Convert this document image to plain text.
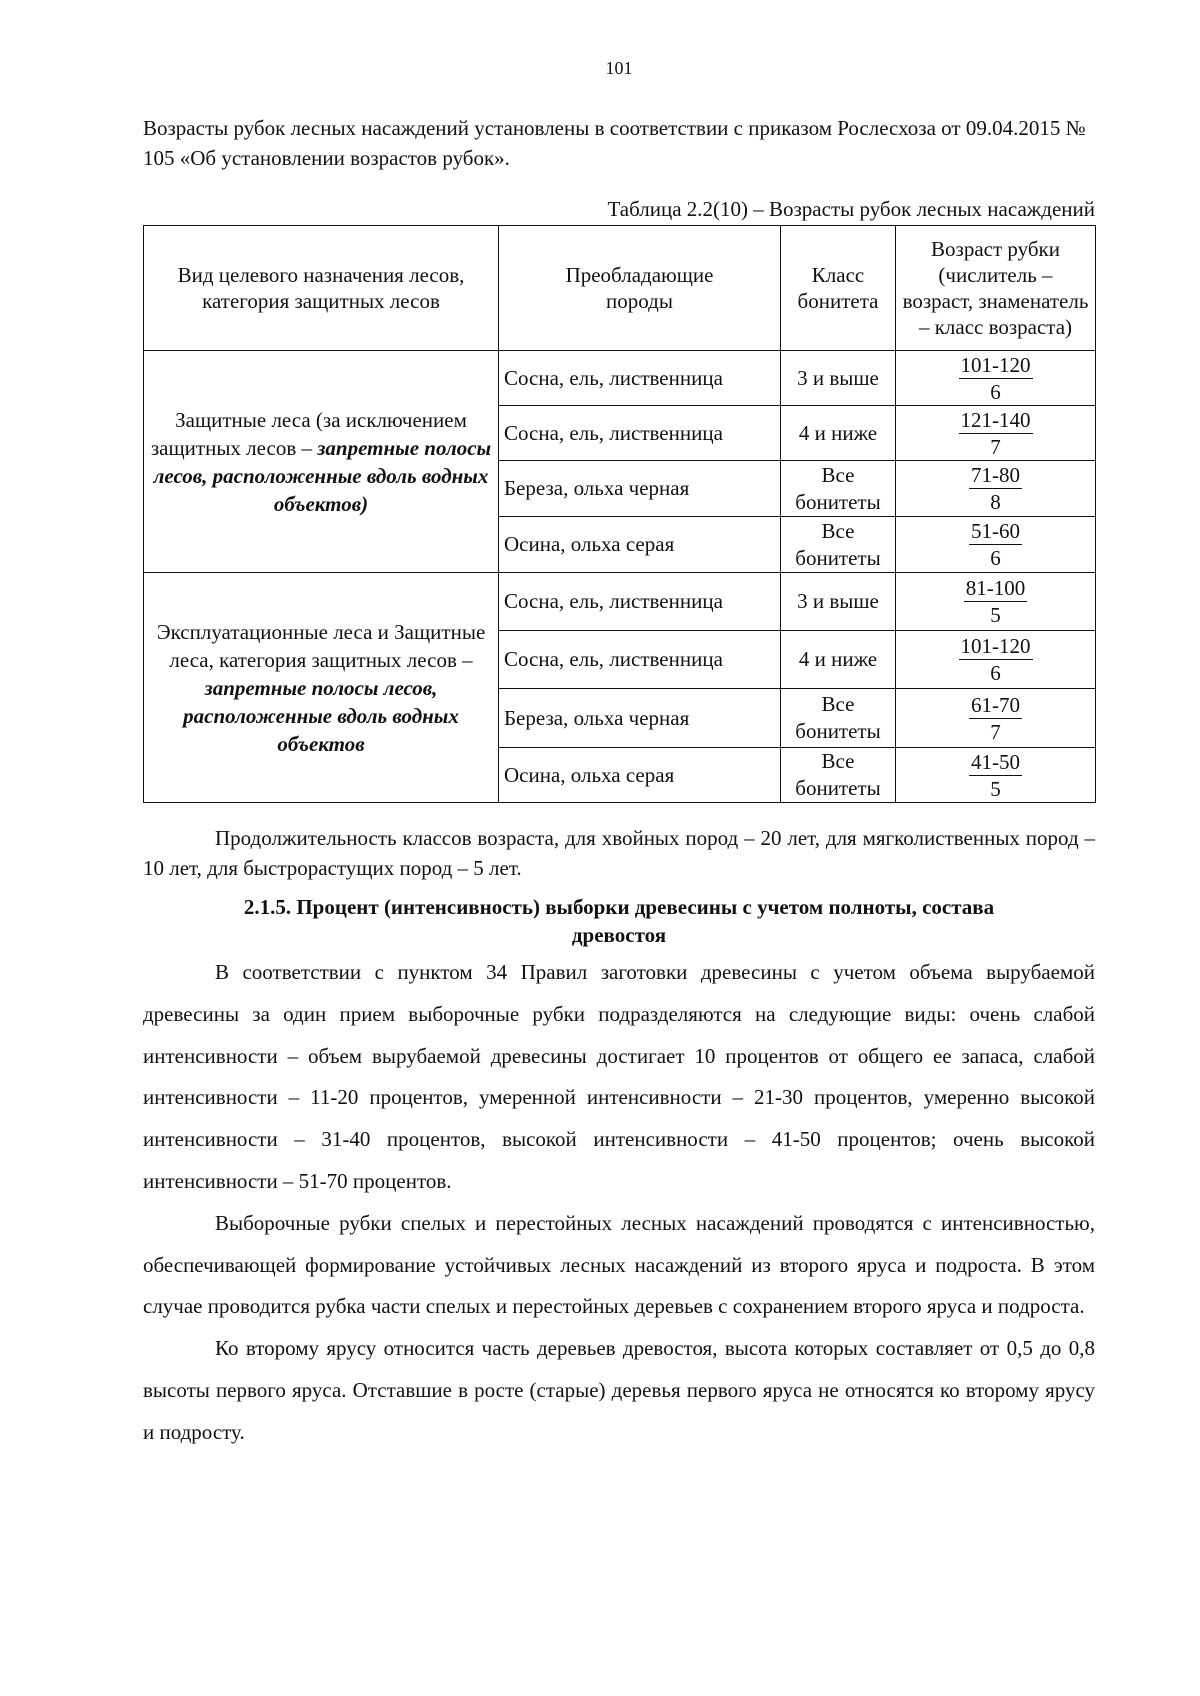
101
Возрасты рубок лесных насаждений установлены в соответствии с приказом Рослесхоза от 09.04.2015 № 105 «Об установлении возрастов рубок».
Таблица 2.2(10) – Возрасты рубок лесных насаждений
Вид целевого назначения лесов, категория защитных лесов	Преобладающие породы	Класс бонитета	Возраст рубки (числитель – возраст, знаменатель – класс возраста)
Защитные леса (за исключением защитных лесов – запретные полосы лесов, расположенные вдоль водных объектов)	Сосна, ель, лиственница	3 и выше	101-120
6

	Сосна, ель, лиственница	4 и ниже	121-140
7

	Береза, ольха черная	Все бонитеты	71-80
8

	Осина, ольха серая	Все бонитеты	51-60
6

Эксплуатационные леса и Защитные леса, категория защитных лесов – запретные полосы лесов, расположенные вдоль водных объектов	Сосна, ель, лиственница	3 и выше	81-100
5

	Сосна, ель, лиственница	4 и ниже	101-120
6

	Береза, ольха черная	Все бонитеты	61-70
7

	Осина, ольха серая	Все бонитеты	41-50
5
Продолжительность классов возраста, для хвойных пород – 20 лет, для мягколиственных пород – 10 лет, для быстрорастущих пород – 5 лет.
2.1.5. Процент (интенсивность) выборки древесины с учетом полноты, состава древостоя

В соответствии с пунктом 34 Правил заготовки древесины с учетом объема вырубаемой древесины за один прием выборочные рубки подразделяются на следующие виды: очень слабой интенсивности – объем вырубаемой древесины достигает 10 процентов от общего ее запаса, слабой интенсивности – 11-20 процентов, умеренной интенсивности – 21-30 процентов, умеренно высокой интенсивности – 31-40 процентов, высокой интенсивности – 41-50 процентов; очень высокой интенсивности – 51-70 процентов.

Выборочные рубки спелых и перестойных лесных насаждений проводятся с интенсивностью, обеспечивающей формирование устойчивых лесных насаждений из второго яруса и подроста. В этом случае проводится рубка части спелых и перестойных деревьев с сохранением второго яруса и подроста.

Ко второму ярусу относится часть деревьев древостоя, высота которых составляет от 0,5 до 0,8 высоты первого яруса. Отставшие в росте (старые) деревья первого яруса не относятся ко второму ярусу и подросту.
